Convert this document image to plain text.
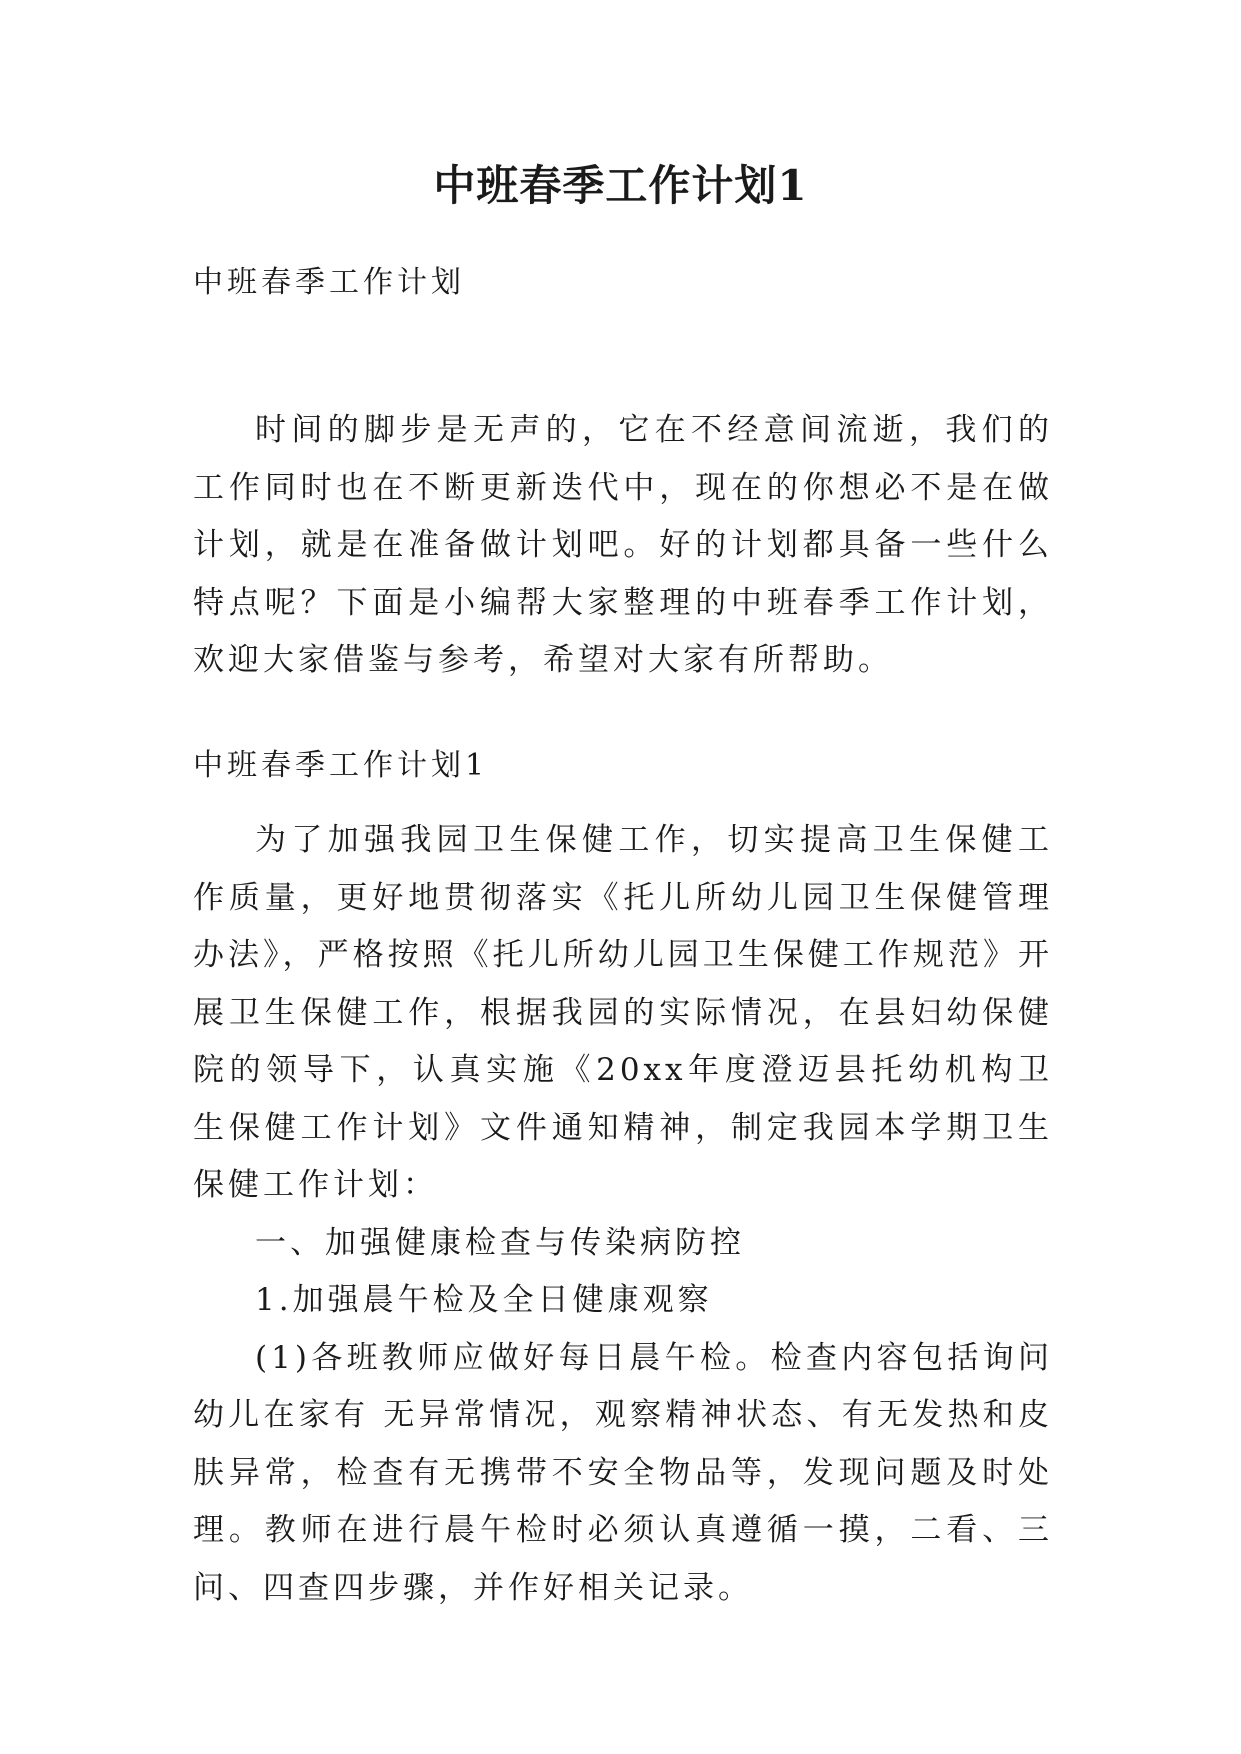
中班春季工作计划1
中班春季工作计划

时间的脚步是无声的，它在不经意间流逝，我们的工作同时也在不断更新迭代中，现在的你想必不是在做计划，就是在准备做计划吧。好的计划都具备一些什么特点呢？下面是小编帮大家整理的中班春季工作计划，欢迎大家借鉴与参考，希望对大家有所帮助。

中班春季工作计划1

为了加强我园卫生保健工作，切实提高卫生保健工作质量，更好地贯彻落实《托儿所幼儿园卫生保健管理办法》，严格按照《托儿所幼儿园卫生保健工作规范》开展卫生保健工作，根据我园的实际情况，在县妇幼保健院的领导下，认真实施《20xx年度澄迈县托幼机构卫生保健工作计划》文件通知精神，制定我园本学期卫生保健工作计划：

一、加强健康检查与传染病防控

1.加强晨午检及全日健康观察

(1)各班教师应做好每日晨午检。检查内容包括询问幼儿在家有 无异常情况，观察精神状态、有无发热和皮肤异常，检查有无携带不安全物品等，发现问题及时处理。教师在进行晨午检时必须认真遵循一摸，二看、三问、四查四步骤，并作好相关记录。
